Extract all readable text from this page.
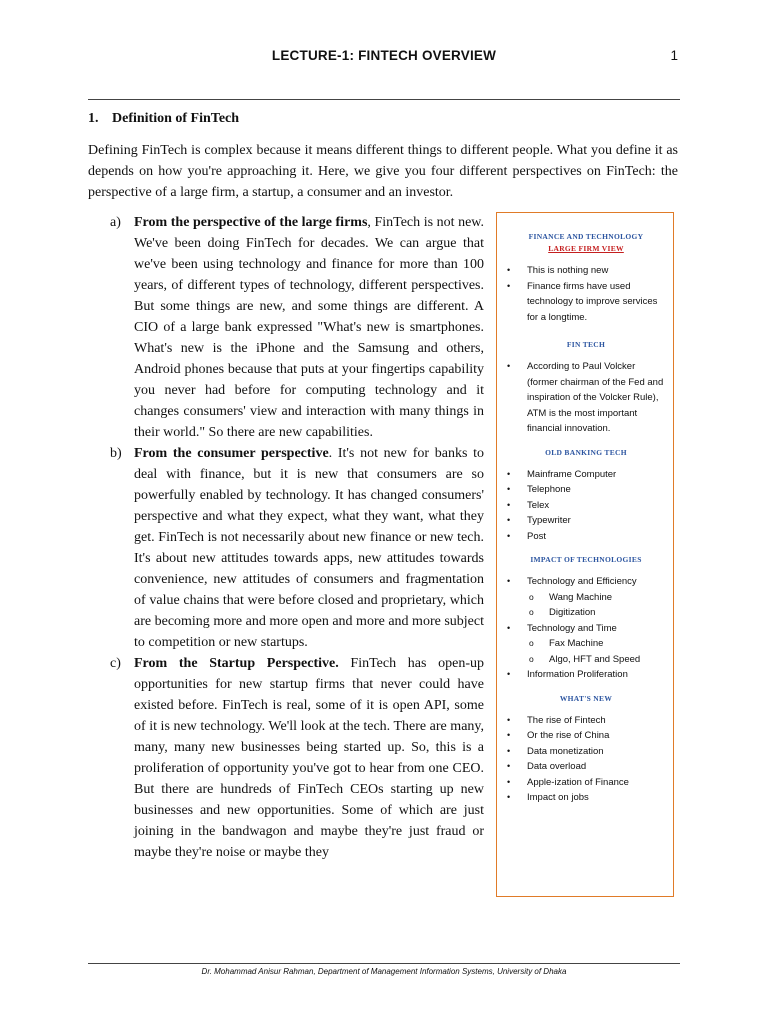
LECTURE-1: FINTECH OVERVIEW	1
1. Definition of FinTech

Defining FinTech is complex because it means different things to different people. What you define it as depends on how you're approaching it. Here, we give you four different perspectives on FinTech: the perspective of a large firm, a startup, a consumer and an investor.

a) From the perspective of the large firms, FinTech is not new. We've been doing FinTech for decades. We can argue that we've been using technology and finance for more than 100 years, of different types of technology, different perspectives. But some things are new, and some things are different. A CIO of a large bank expressed "What's new is smartphones. What's new is the iPhone and the Samsung and others, Android phones because that puts at your fingertips capability you never had before for computing technology and it changes consumers' view and interaction with many things in their world." So there are new capabilities.
b) From the consumer perspective. It's not new for banks to deal with finance, but it is new that consumers are so powerfully enabled by technology. It has changed consumers' perspective and what they expect, what they want, what they get. FinTech is not necessarily about new finance or new tech. It's about new attitudes towards apps, new attitudes towards convenience, new attitudes of consumers and fragmentation of value chains that were before closed and proprietary, which are becoming more and more open and more and more subject to competition or new startups.
c) From the Startup Perspective. FinTech has open-up opportunities for new startup firms that never could have existed before. FinTech is real, some of it is open API, some of it is new technology. We'll look at the tech. There are many, many, many new businesses being started up. So, this is a proliferation of opportunity you've got to hear from one CEO. But there are hundreds of FinTech CEOs starting up new businesses and new opportunities. Some of which are just joining in the bandwagon and maybe they're just fraud or maybe they're noise or maybe they
FINANCE AND TECHNOLOGY
LARGE FIRM VIEW
• This is nothing new
• Finance firms have used technology to improve services for a longtime.
FIN TECH
• According to Paul Volcker (former chairman of the Fed and inspiration of the Volcker Rule), ATM is the most important financial innovation.
OLD BANKING TECH
• Mainframe Computer
• Telephone
• Telex
• Typewriter
• Post
IMPACT OF TECHNOLOGIES
• Technology and Efficiency
o Wang Machine
o Digitization
• Technology and Time
o Fax Machine
o Algo, HFT and Speed
• Information Proliferation
WHAT'S NEW
• The rise of Fintech
• Or the rise of China
• Data monetization
• Data overload
• Apple-ization of Finance
• Impact on jobs
Dr. Mohammad Anisur Rahman, Department of Management Information Systems, University of Dhaka
